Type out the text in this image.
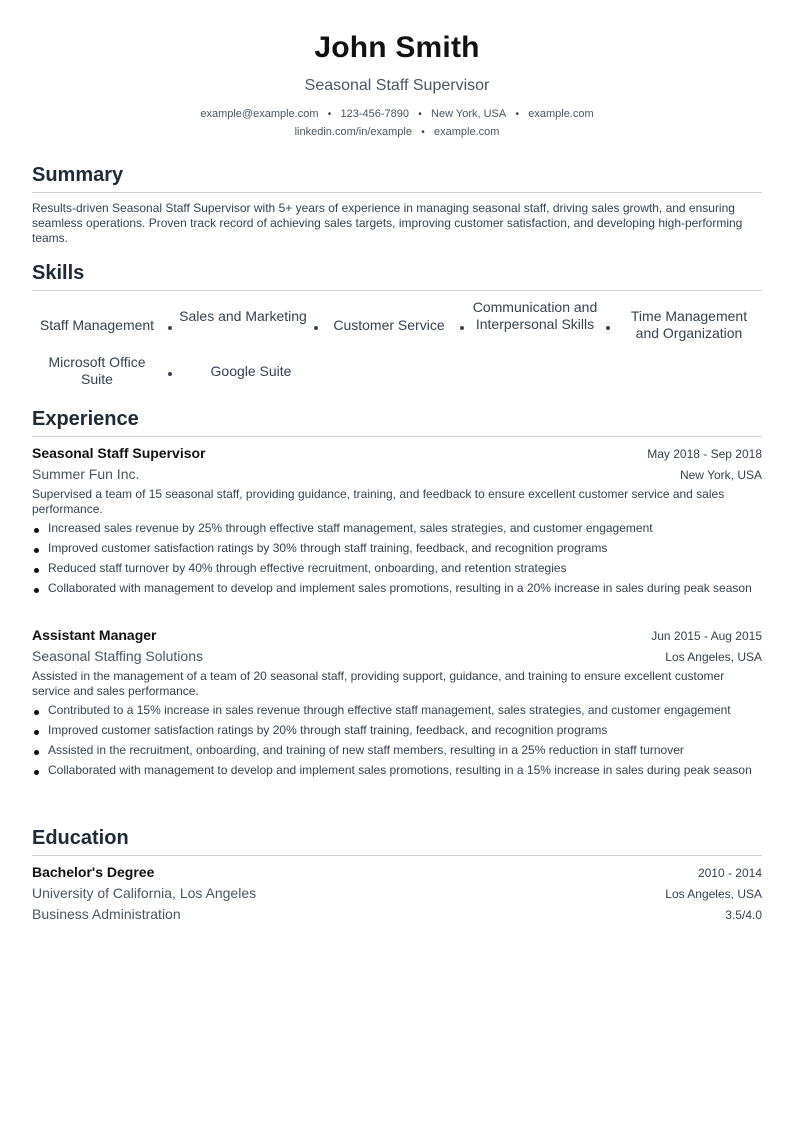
John Smith
Seasonal Staff Supervisor
example@example.com • 123-456-7890 • New York, USA • example.com
linkedin.com/in/example • example.com
Summary
Results-driven Seasonal Staff Supervisor with 5+ years of experience in managing seasonal staff, driving sales growth, and ensuring seamless operations. Proven track record of achieving sales targets, improving customer satisfaction, and developing high-performing teams.
Skills
Staff Management
Sales and Marketing
Customer Service
Communication and Interpersonal Skills	Time Management and Organization
Microsoft Office Suite	Google Suite
Experience
Seasonal Staff Supervisor	May 2018 - Sep 2018
Summer Fun Inc.	New York, USA
Supervised a team of 15 seasonal staff, providing guidance, training, and feedback to ensure excellent customer service and sales performance.
Increased sales revenue by 25% through effective staff management, sales strategies, and customer engagement
Improved customer satisfaction ratings by 30% through staff training, feedback, and recognition programs
Reduced staff turnover by 40% through effective recruitment, onboarding, and retention strategies
Collaborated with management to develop and implement sales promotions, resulting in a 20% increase in sales during peak season
Assistant Manager	Jun 2015 - Aug 2015
Seasonal Staffing Solutions	Los Angeles, USA
Assisted in the management of a team of 20 seasonal staff, providing support, guidance, and training to ensure excellent customer service and sales performance.
Contributed to a 15% increase in sales revenue through effective staff management, sales strategies, and customer engagement
Improved customer satisfaction ratings by 20% through staff training, feedback, and recognition programs
Assisted in the recruitment, onboarding, and training of new staff members, resulting in a 25% reduction in staff turnover
Collaborated with management to develop and implement sales promotions, resulting in a 15% increase in sales during peak season
Education
Bachelor's Degree	2010 - 2014
University of California, Los Angeles	Los Angeles, USA
Business Administration	3.5/4.0
